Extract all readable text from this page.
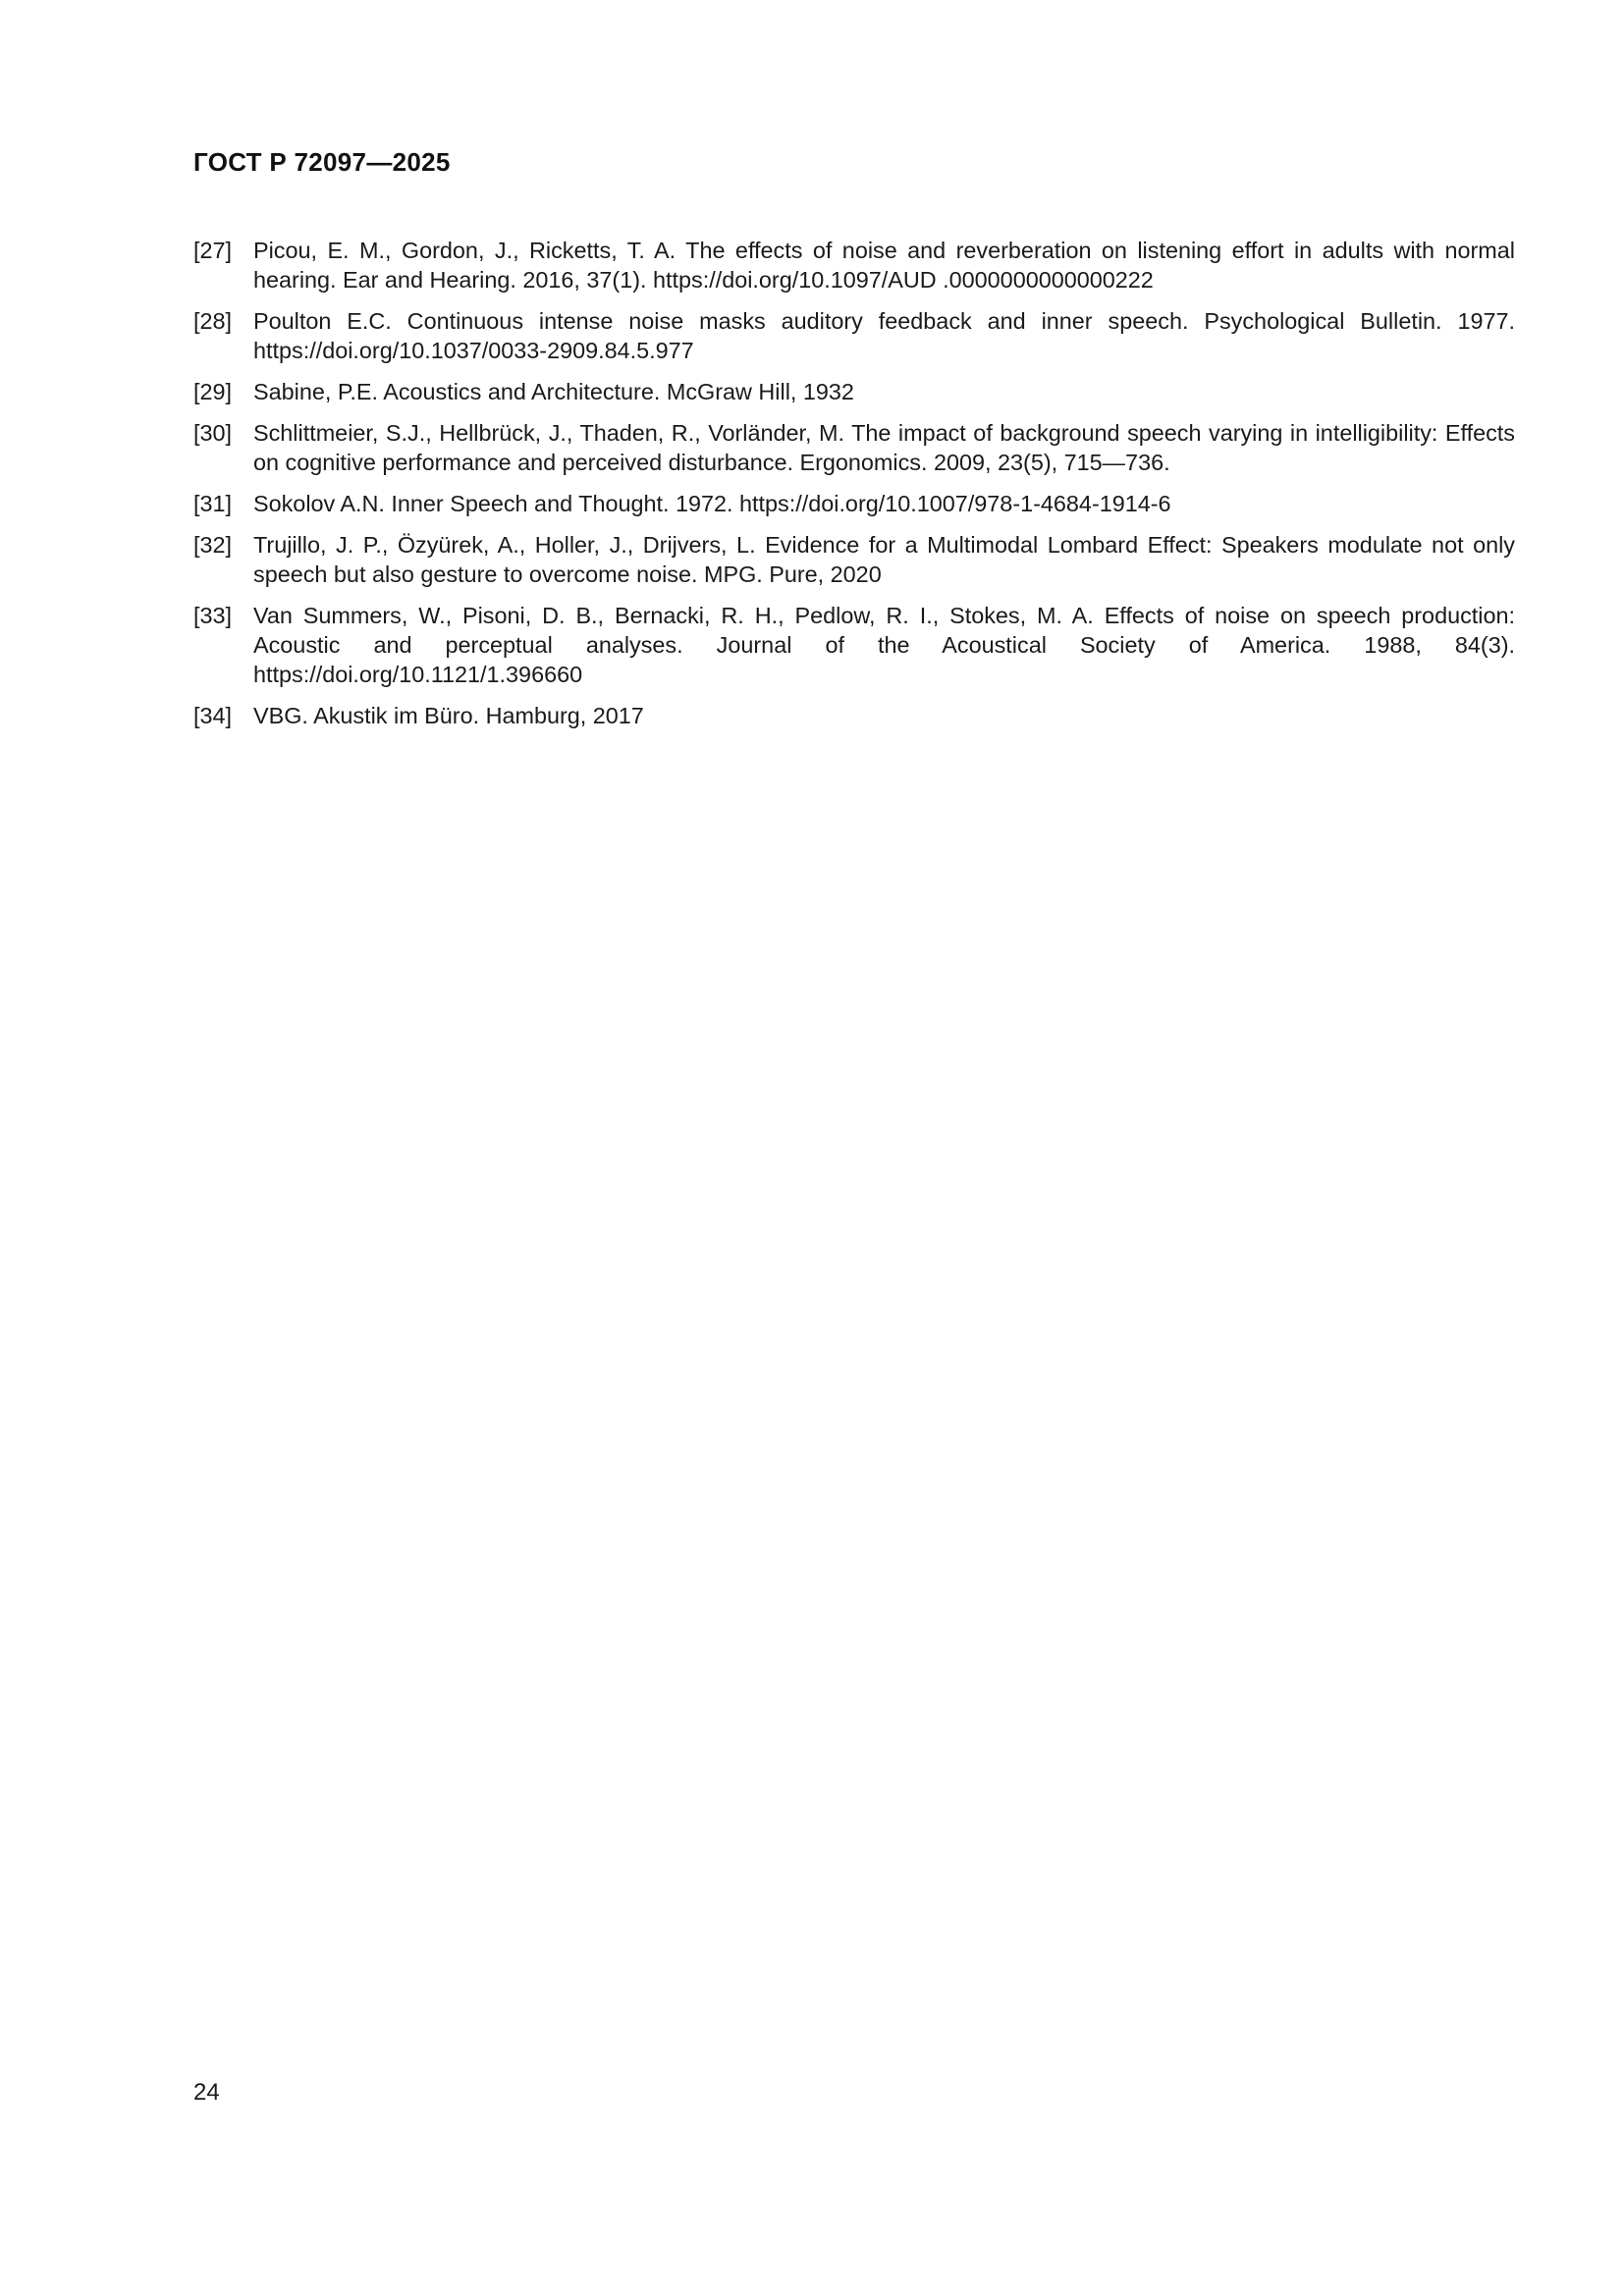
ГОСТ Р 72097—2025
[27] Picou, E. M., Gordon, J., Ricketts, T. A. The effects of noise and reverberation on listening effort in adults with normal hearing. Ear and Hearing. 2016, 37(1). https://doi.org/10.1097/AUD .0000000000000222
[28] Poulton E.C. Continuous intense noise masks auditory feedback and inner speech. Psychological Bulletin. 1977. https://doi.org/10.1037/0033-2909.84.5.977
[29] Sabine, P.E. Acoustics and Architecture. McGraw Hill, 1932
[30] Schlittmeier, S.J., Hellbrück, J., Thaden, R., Vorländer, M. The impact of background speech varying in intelligibility: Effects on cognitive performance and perceived disturbance. Ergonomics. 2009, 23(5), 715—736.
[31] Sokolov A.N. Inner Speech and Thought. 1972. https://doi.org/10.1007/978-1-4684-1914-6
[32] Trujillo, J. P., Özyürek, A., Holler, J., Drijvers, L. Evidence for a Multimodal Lombard Effect: Speakers modulate not only speech but also gesture to overcome noise. MPG. Pure, 2020
[33] Van Summers, W., Pisoni, D. B., Bernacki, R. H., Pedlow, R. I., Stokes, M. A. Effects of noise on speech production: Acoustic and perceptual analyses. Journal of the Acoustical Society of America. 1988, 84(3). https://doi.org/10.1121/1.396660
[34] VBG. Akustik im Büro. Hamburg, 2017
24
